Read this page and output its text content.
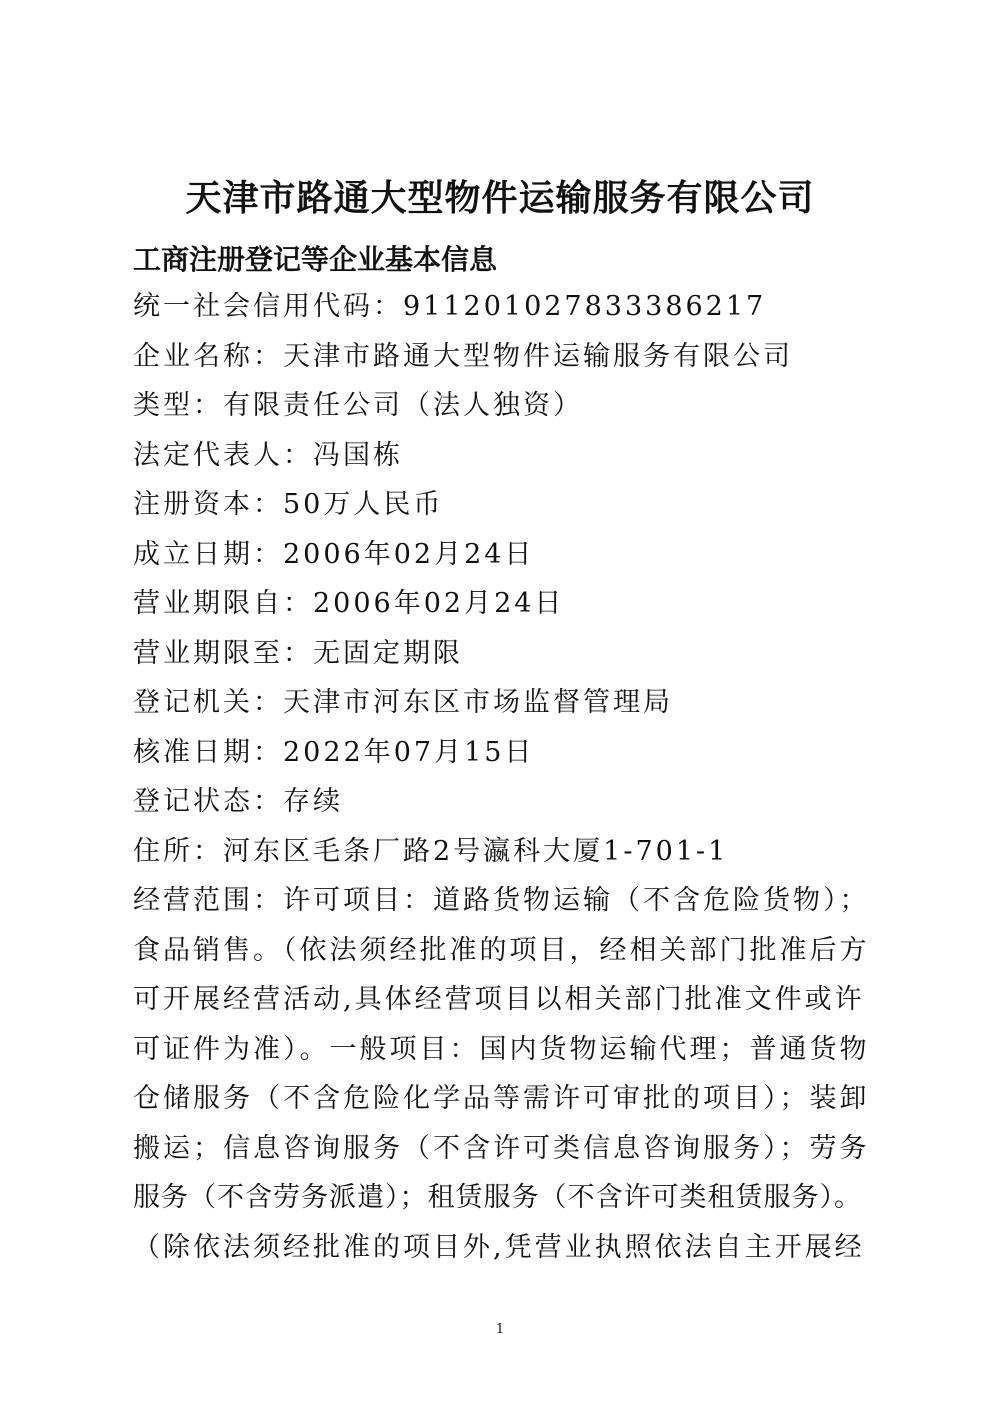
天津市路通大型物件运输服务有限公司
工商注册登记等企业基本信息
统一社会信用代码：911201027833386217
企业名称：天津市路通大型物件运输服务有限公司
类型：有限责任公司（法人独资）
法定代表人：冯国栋
注册资本：50万人民币
成立日期：2006年02月24日
营业期限自：2006年02月24日
营业期限至：无固定期限
登记机关：天津市河东区市场监督管理局
核准日期：2022年07月15日
登记状态：存续
住所：河东区毛条厂路2号瀛科大厦1-701-1
经营范围：许可项目：道路货物运输（不含危险货物）；
食品销售。（依法须经批准的项目，经相关部门批准后方
可开展经营活动,具体经营项目以相关部门批准文件或许
可证件为准）。一般项目：国内货物运输代理；普通货物
仓储服务（不含危险化学品等需许可审批的项目）；装卸
搬运；信息咨询服务（不含许可类信息咨询服务）；劳务
服务（不含劳务派遣）；租赁服务（不含许可类租赁服务）。
（除依法须经批准的项目外,凭营业执照依法自主开展经
1
